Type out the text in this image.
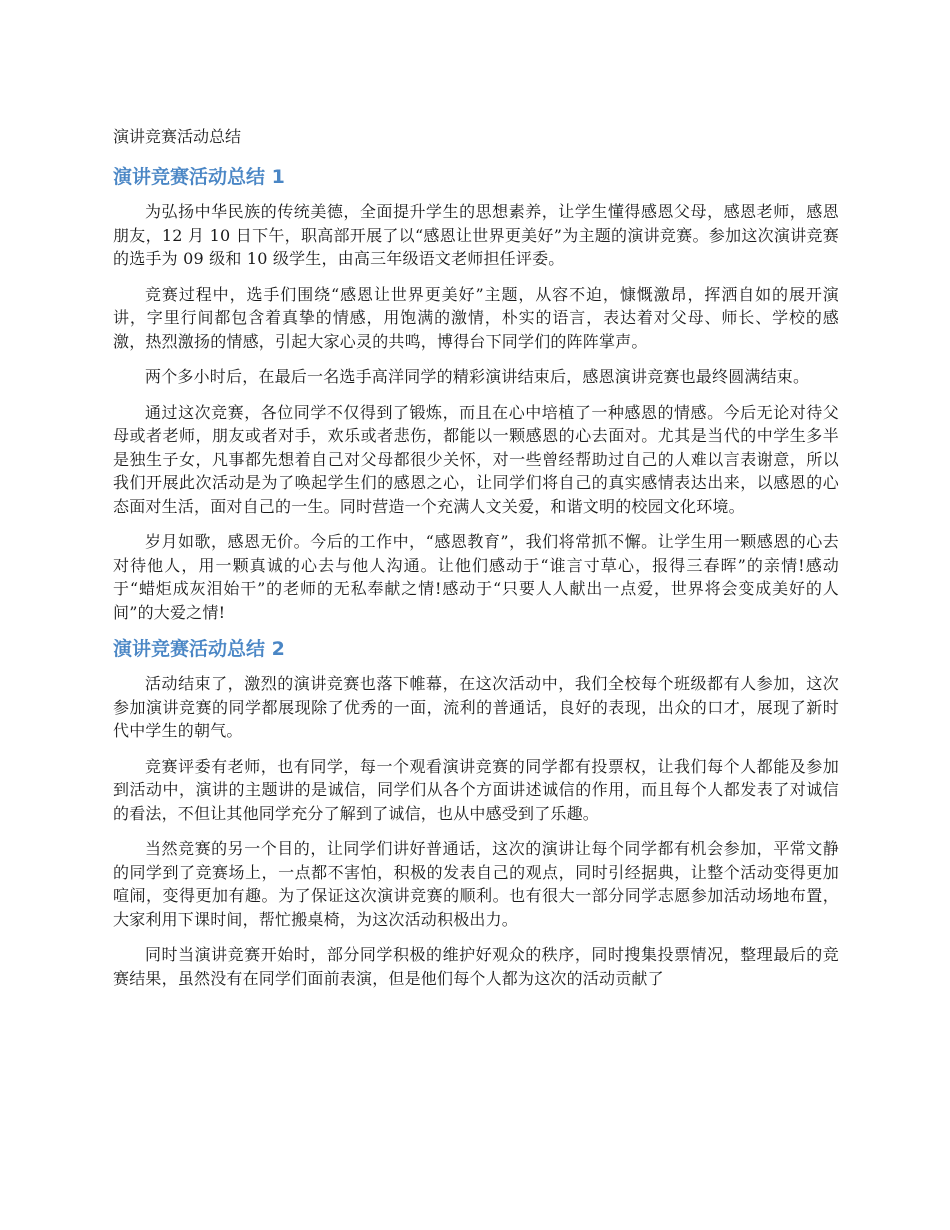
演讲竞赛活动总结
演讲竞赛活动总结 1

为弘扬中华民族的传统美德，全面提升学生的思想素养，让学生懂得感恩父母，感恩老师，感恩朋友，12 月 10 日下午，职高部开展了以“感恩让世界更美好”为主题的演讲竞赛。参加这次演讲竞赛的选手为 09 级和 10 级学生，由高三年级语文老师担任评委。

竞赛过程中，选手们围绕“感恩让世界更美好”主题，从容不迫，慷慨激昂，挥洒自如的展开演讲，字里行间都包含着真挚的情感，用饱满的激情，朴实的语言，表达着对父母、师长、学校的感激，热烈激扬的情感，引起大家心灵的共鸣，博得台下同学们的阵阵掌声。

两个多小时后，在最后一名选手高洋同学的精彩演讲结束后，感恩演讲竞赛也最终圆满结束。

通过这次竞赛，各位同学不仅得到了锻炼，而且在心中培植了一种感恩的情感。今后无论对待父母或者老师，朋友或者对手，欢乐或者悲伤，都能以一颗感恩的心去面对。尤其是当代的中学生多半是独生子女，凡事都先想着自己对父母都很少关怀，对一些曾经帮助过自己的人难以言表谢意，所以我们开展此次活动是为了唤起学生们的感恩之心，让同学们将自己的真实感情表达出来，以感恩的心态面对生活，面对自己的一生。同时营造一个充满人文关爱，和谐文明的校园文化环境。

岁月如歌，感恩无价。今后的工作中，“感恩教育”，我们将常抓不懈。让学生用一颗感恩的心去对待他人，用一颗真诚的心去与他人沟通。让他们感动于“谁言寸草心，报得三春晖”的亲情!感动于“蜡炬成灰泪始干”的老师的无私奉献之情!感动于“只要人人献出一点爱，世界将会变成美好的人间”的大爱之情!

演讲竞赛活动总结 2

活动结束了，激烈的演讲竞赛也落下帷幕，在这次活动中，我们全校每个班级都有人参加，这次参加演讲竞赛的同学都展现除了优秀的一面，流利的普通话，良好的表现，出众的口才，展现了新时代中学生的朝气。

竞赛评委有老师，也有同学，每一个观看演讲竞赛的同学都有投票权，让我们每个人都能及参加到活动中，演讲的主题讲的是诚信，同学们从各个方面讲述诚信的作用，而且每个人都发表了对诚信的看法，不但让其他同学充分了解到了诚信，也从中感受到了乐趣。

当然竞赛的另一个目的，让同学们讲好普通话，这次的演讲让每个同学都有机会参加，平常文静的同学到了竞赛场上，一点都不害怕，积极的发表自己的观点，同时引经据典，让整个活动变得更加喧闹，变得更加有趣。为了保证这次演讲竞赛的顺利。也有很大一部分同学志愿参加活动场地布置，大家利用下课时间，帮忙搬桌椅，为这次活动积极出力。

同时当演讲竞赛开始时，部分同学积极的维护好观众的秩序，同时搜集投票情况，整理最后的竞赛结果，虽然没有在同学们面前表演，但是他们每个人都为这次的活动贡献了
